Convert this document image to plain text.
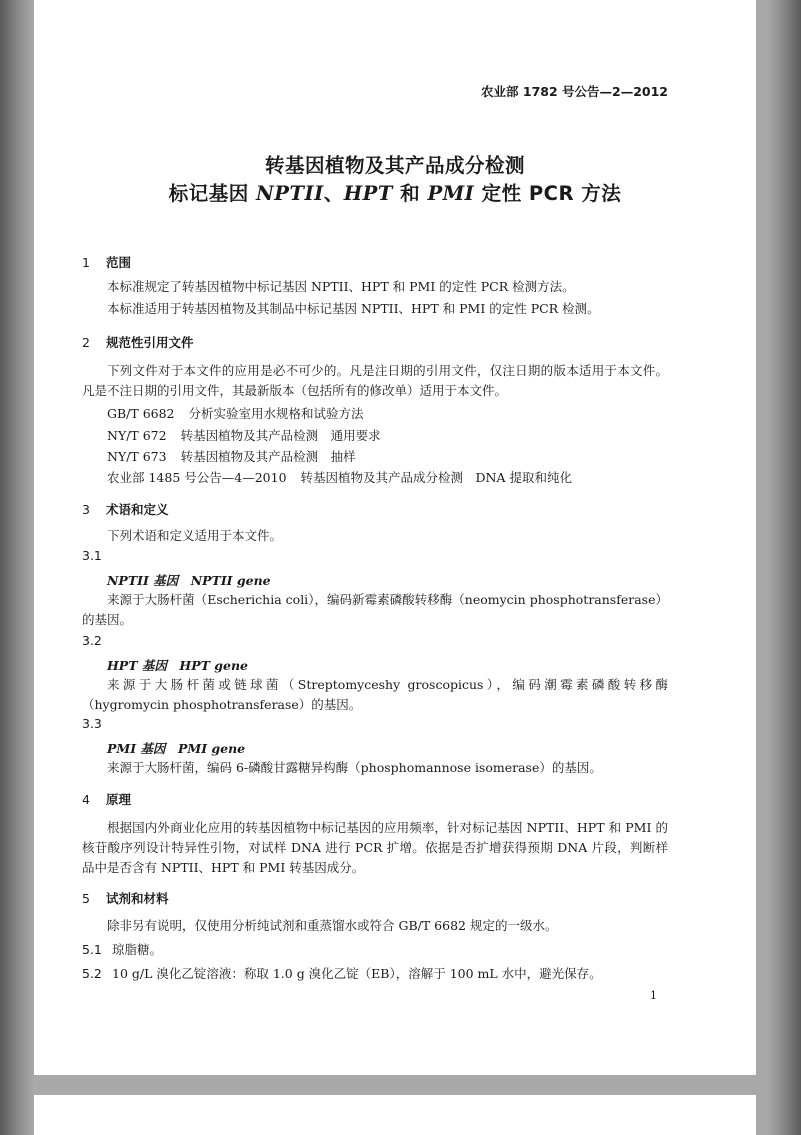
农业部 1782 号公告—2—2012
转基因植物及其产品成分检测
标记基因 NPTII、HPT 和 PMI 定性 PCR 方法
1 范围
本标准规定了转基因植物中标记基因 NPTII、HPT 和 PMI 的定性 PCR 检测方法。
本标准适用于转基因植物及其制品中标记基因 NPTII、HPT 和 PMI 的定性 PCR 检测。
2 规范性引用文件
下列文件对于本文件的应用是必不可少的。凡是注日期的引用文件，仅注日期的版本适用于本文件。凡是不注日期的引用文件，其最新版本（包括所有的修改单）适用于本文件。
GB/T 6682 分析实验室用水规格和试验方法
NY/T 672 转基因植物及其产品检测　通用要求
NY/T 673 转基因植物及其产品检测　抽样
农业部 1485 号公告—4—2010 转基因植物及其产品成分检测　DNA 提取和纯化
3 术语和定义
下列术语和定义适用于本文件。
3.1
NPTII 基因　 NPTII gene
来源于大肠杆菌（Escherichia coli），编码新霉素磷酸转移酶（neomycin phosphotransferase）的基因。
3.2
HPT 基因　 HPT gene
来源于大肠杆菌或链球菌（Streptomyceshy groscopicus），编码潮霉素磷酸转移酶（hygromycin phosphotransferase）的基因。
3.3
PMI 基因　 PMI gene
来源于大肠杆菌，编码 6-磷酸甘露糖异构酶（phosphomannose isomerase）的基因。
4 原理
根据国内外商业化应用的转基因植物中标记基因的应用频率，针对标记基因 NPTII、HPT 和 PMI 的核苷酸序列设计特异性引物，对试样 DNA 进行 PCR 扩增。依据是否扩增获得预期 DNA 片段，判断样品中是否含有 NPTII、HPT 和 PMI 转基因成分。
5 试剂和材料
除非另有说明，仅使用分析纯试剂和重蒸馏水或符合 GB/T 6682 规定的一级水。
5.1 琼脂糖。
5.2 10 g/L 溴化乙锭溶液：称取 1.0 g 溴化乙锭（EB），溶解于 100 mL 水中，避光保存。
1
